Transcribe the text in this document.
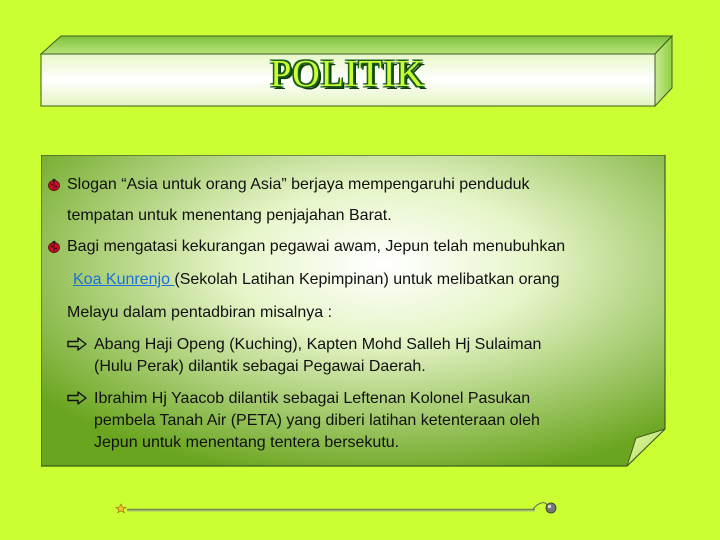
POLITIK
Slogan “Asia untuk orang Asia” berjaya mempengaruhi penduduk
tempatan untuk menentang penjajahan Barat.
Bagi mengatasi kekurangan pegawai awam, Jepun telah menubuhkan
Koa Kunrenjo (Sekolah Latihan Kepimpinan) untuk melibatkan orang
Melayu dalam pentadbiran misalnya :
Abang Haji Openg (Kuching), Kapten Mohd Salleh Hj Sulaiman
(Hulu Perak) dilantik sebagai Pegawai Daerah.
Ibrahim Hj Yaacob dilantik sebagai Leftenan Kolonel Pasukan
pembela Tanah Air (PETA) yang diberi latihan ketenteraan oleh
Jepun untuk menentang tentera bersekutu.
